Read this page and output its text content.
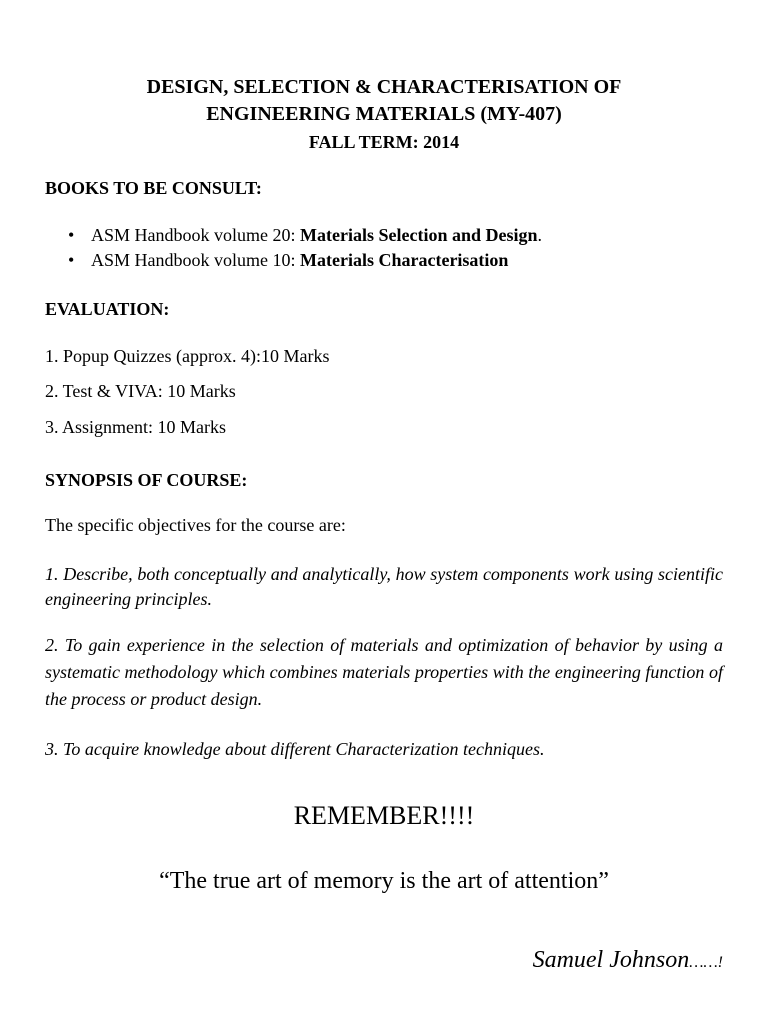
DESIGN, SELECTION & CHARACTERISATION OF
ENGINEERING MATERIALS (MY-407)
FALL TERM: 2014
BOOKS TO BE CONSULT:
• ASM Handbook volume 20: Materials Selection and Design.
• ASM Handbook volume 10: Materials Characterisation
EVALUATION:

1. Popup Quizzes (approx. 4):10 Marks

2. Test & VIVA: 10 Marks

3. Assignment: 10 Marks

SYNOPSIS OF COURSE:

The specific objectives for the course are:

1. Describe, both conceptually and analytically, how system components work using scientific engineering principles.

2. To gain experience in the selection of materials and optimization of behavior by using a systematic methodology which combines materials properties with the engineering function of the process or product design.

3. To acquire knowledge about different Characterization techniques.

REMEMBER!!!!

“The true art of memory is the art of attention”

Samuel Johnson……!
